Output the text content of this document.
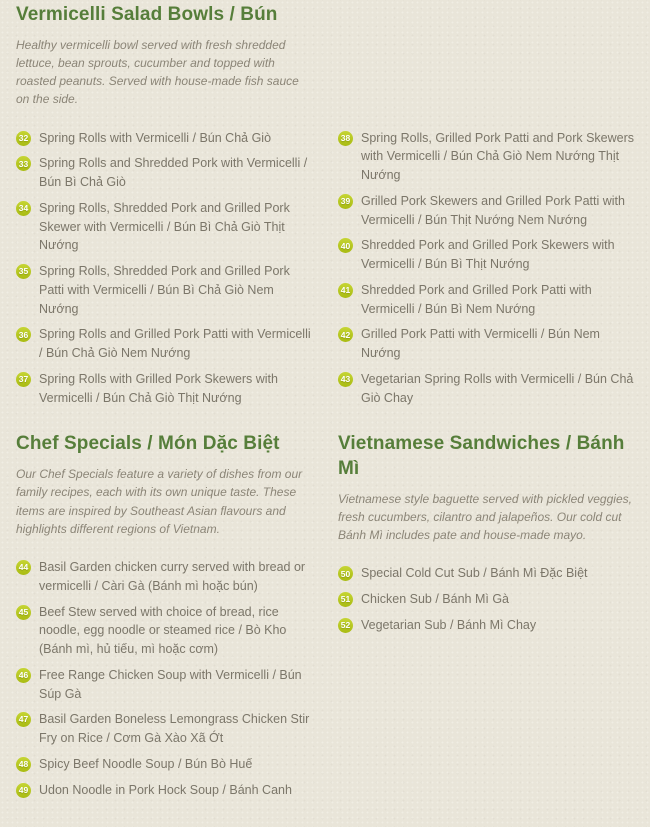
Vermicelli Salad Bowls / Bún

Healthy vermicelli bowl served with fresh shredded lettuce, bean sprouts, cucumber and topped with roasted peanuts. Served with house-made fish sauce on the side.

32 Spring Rolls with Vermicelli / Bún Chả Giò
33 Spring Rolls and Shredded Pork with Vermicelli / Bún Bì Chả Giò
34 Spring Rolls, Shredded Pork and Grilled Pork Skewer with Vermicelli / Bún Bì Chả Giò Thịt Nướng
35 Spring Rolls, Shredded Pork and Grilled Pork Patti with Vermicelli / Bún Bì Chả Giò Nem Nướng
36 Spring Rolls and Grilled Pork Patti with Vermicelli / Bún Chả Giò Nem Nướng
37 Spring Rolls with Grilled Pork Skewers with Vermicelli / Bún Chả Giò Thịt Nướng
38 Spring Rolls, Grilled Pork Patti and Pork Skewers with Vermicelli / Bún Chả Giò Nem Nướng Thịt Nướng
39 Grilled Pork Skewers and Grilled Pork Patti with Vermicelli / Bún Thịt Nướng Nem Nướng
40 Shredded Pork and Grilled Pork Skewers with Vermicelli / Bún Bì Thịt Nướng
41 Shredded Pork and Grilled Pork Patti with Vermicelli / Bún Bì Nem Nướng
42 Grilled Pork Patti with Vermicelli / Bún Nem Nướng
43 Vegetarian Spring Rolls with Vermicelli / Bún Chả Giò Chay
Chef Specials / Món Dặc Biệt

Our Chef Specials feature a variety of dishes from our family recipes, each with its own unique taste. These items are inspired by Southeast Asian flavours and highlights different regions of Vietnam.

44 Basil Garden chicken curry served with bread or vermicelli / Càri Gà (Bánh mì hoặc bún)
45 Beef Stew served with choice of bread, rice noodle, egg noodle or steamed rice / Bò Kho (Bánh mì, hủ tiếu, mì hoặc cơm)
46 Free Range Chicken Soup with Vermicelli / Bún Súp Gà
47 Basil Garden Boneless Lemongrass Chicken Stir Fry on Rice / Cơm Gà Xào Xã Ớt
48 Spicy Beef Noodle Soup / Bún Bò Huế
49 Udon Noodle in Pork Hock Soup / Bánh Canh
Vietnamese Sandwiches / Bánh Mì

Vietnamese style baguette served with pickled veggies, fresh cucumbers, cilantro and jalapeños. Our cold cut Bánh Mì includes pate and house-made mayo.

50 Special Cold Cut Sub / Bánh Mì Đặc Biệt
51 Chicken Sub / Bánh Mì Gà
52 Vegetarian Sub / Bánh Mì Chay
